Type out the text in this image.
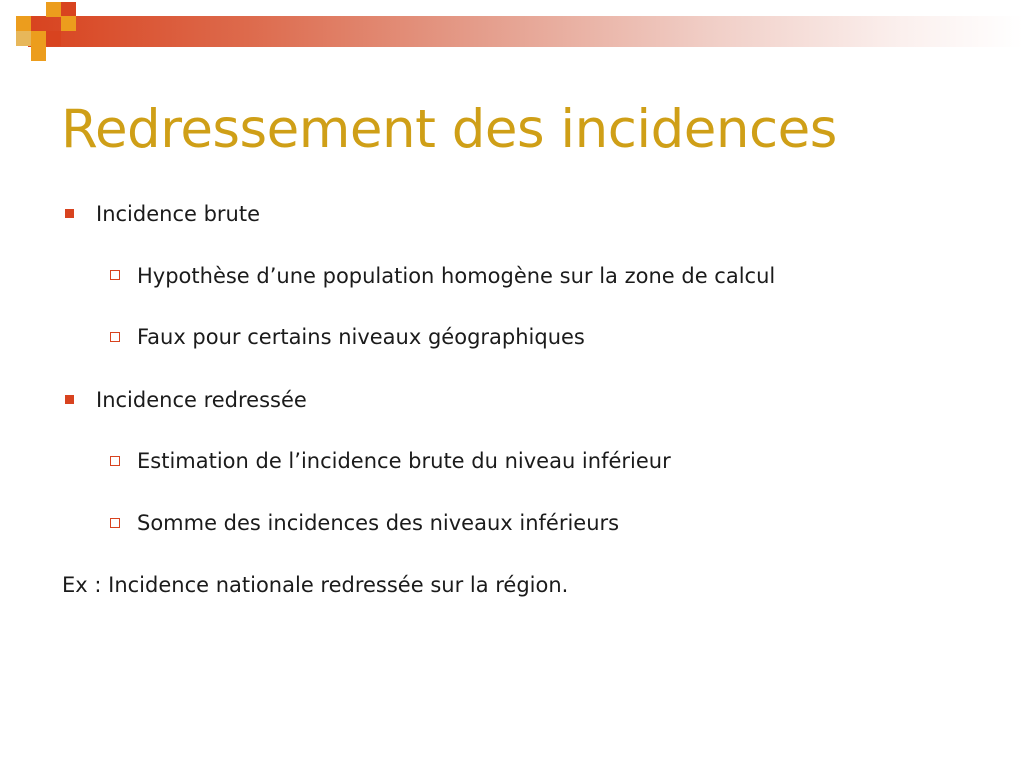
Redressement des incidences
Incidence brute
Hypothèse d’une population homogène sur la zone de calcul
Faux pour certains niveaux géographiques
Incidence redressée
Estimation de l’incidence brute du niveau inférieur
Somme des incidences des niveaux inférieurs
Ex : Incidence nationale redressée sur la région.
